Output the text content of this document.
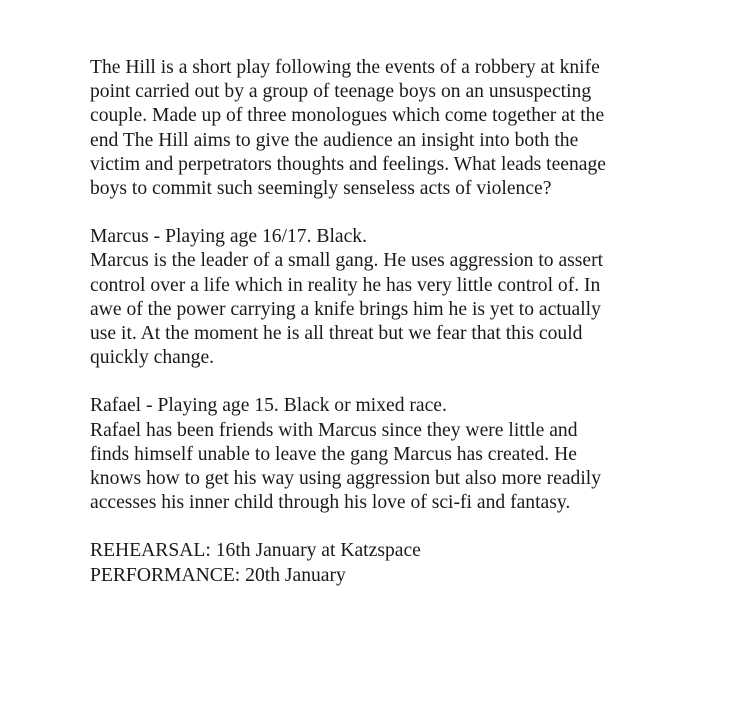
The Hill is a short play following the events of a robbery at knife
point carried out by a group of teenage boys on an unsuspecting
couple. Made up of three monologues which come together at the
end The Hill aims to give the audience an insight into both the
victim and perpetrators thoughts and feelings. What leads teenage
boys to commit such seemingly senseless acts of violence?

Marcus - Playing age 16/17. Black.
Marcus is the leader of a small gang. He uses aggression to assert
control over a life which in reality he has very little control of. In
awe of the power carrying a knife brings him he is yet to actually
use it. At the moment he is all threat but we fear that this could
quickly change.

Rafael - Playing age 15. Black or mixed race.
Rafael has been friends with Marcus since they were little and
finds himself unable to leave the gang Marcus has created. He
knows how to get his way using aggression but also more readily
accesses his inner child through his love of sci-fi and fantasy.

REHEARSAL: 16th January at Katzspace
PERFORMANCE: 20th January
